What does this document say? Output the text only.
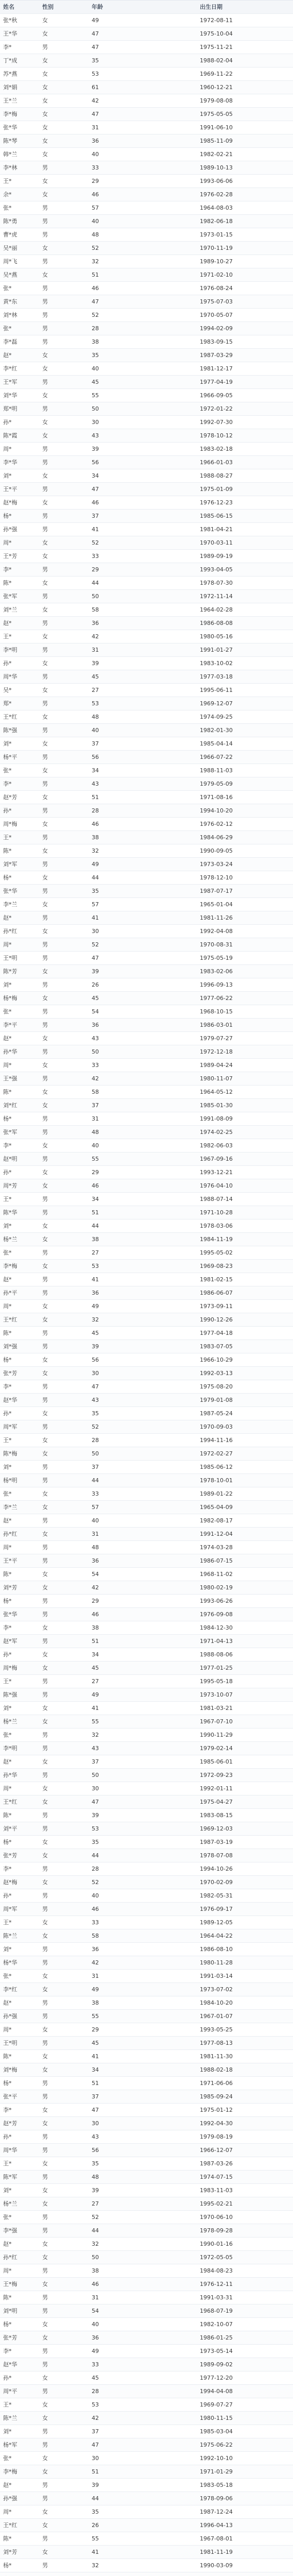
姓名	性别	年龄	出生日期
张*秋	女	49	1972-08-11
王*华	女	47	1975-10-04
李*	男	47	1975-11-21
丁*成	女	35	1988-02-04
苏*燕	女	53	1969-11-22
刘*娟	女	61	1960-12-21
王*兰	女	42	1979-08-08
李*梅	女	47	1975-05-05
张*华	女	31	1991-06-10
陈*琴	女	36	1985-11-09
韩*兰	女	40	1982-02-21
李*林	男	33	1989-10-13
王*	女	29	1993-06-06
余*	女	46	1976-02-28
张*	男	57	1964-08-03
陈*勇	男	40	1982-06-18
曹*虎	男	48	1973-01-15
吴*丽	女	52	1970-11-19
周*飞	男	32	1989-10-27
吴*燕	女	51	1971-02-10
张*	男	46	1976-08-24
黄*东	男	47	1975-07-03
刘*林	男	52	1970-05-07
张*	男	28	1994-02-09
李*磊	男	38	1983-09-15
赵*	女	35	1987-03-29
李*红	女	40	1981-12-17
王*军	男	45	1977-04-19
刘*华	女	55	1966-09-05
郑*明	男	50	1972-01-22
孙*	女	30	1992-07-30
陈*霞	女	43	1978-10-12
周*	男	39	1983-02-18
李*华	男	56	1966-01-03
刘*	女	34	1988-08-27
王*平	男	47	1975-01-09
赵*梅	女	46	1976-12-23
杨*	男	37	1985-06-15
孙*强	男	41	1981-04-21
周*	女	52	1970-03-11
王*芳	女	33	1989-09-19
李*	男	29	1993-04-05
陈*	女	44	1978-07-30
张*军	男	50	1972-11-14
刘*兰	女	58	1964-02-28
赵*	男	36	1986-08-08
王*	女	42	1980-05-16
李*明	男	31	1991-01-27
孙*	女	39	1983-10-02
周*华	男	45	1977-03-18
吴*	女	27	1995-06-11
郑*	男	53	1969-12-07
王*红	女	48	1974-09-25
陈*强	男	40	1982-01-30
刘*	女	37	1985-04-14
杨*平	男	56	1966-07-22
张*	女	34	1988-11-03
李*	男	43	1979-05-09
赵*芳	女	51	1971-08-16
孙*	男	28	1994-10-20
周*梅	女	46	1976-02-12
王*	男	38	1984-06-29
陈*	女	32	1990-09-05
刘*军	男	49	1973-03-24
杨*	女	44	1978-12-10
张*华	男	35	1987-07-17
李*兰	女	57	1965-01-04
赵*	男	41	1981-11-26
孙*红	女	30	1992-04-08
周*	男	52	1970-08-31
王*明	男	47	1975-05-19
陈*芳	女	39	1983-02-06
刘*	男	26	1996-09-13
杨*梅	女	45	1977-06-22
张*	男	54	1968-10-15
李*平	男	36	1986-03-01
赵*	女	43	1979-07-27
孙*华	男	50	1972-12-18
周*	女	33	1989-04-24
王*强	男	42	1980-11-07
陈*	女	58	1964-05-12
刘*红	女	37	1985-01-30
杨*	男	31	1991-08-09
张*军	男	48	1974-02-25
李*	女	40	1982-06-03
赵*明	男	55	1967-09-16
孙*	女	29	1993-12-21
周*芳	女	46	1976-04-10
王*	男	34	1988-07-14
陈*华	男	51	1971-10-28
刘*	女	44	1978-03-06
杨*兰	女	38	1984-11-19
张*	男	27	1995-05-02
李*梅	女	53	1969-08-23
赵*	男	41	1981-02-15
孙*平	男	36	1986-06-07
周*	女	49	1973-09-11
王*红	女	32	1990-12-26
陈*	男	45	1977-04-18
刘*强	男	39	1983-07-05
杨*	女	56	1966-10-29
张*芳	女	30	1992-03-13
李*	男	47	1975-08-20
赵*华	男	43	1979-01-08
孙*	女	35	1987-05-24
周*军	男	52	1970-09-03
王*	女	28	1994-11-16
陈*梅	女	50	1972-02-27
刘*	男	37	1985-06-12
杨*明	男	44	1978-10-01
张*	女	33	1989-01-22
李*兰	女	57	1965-04-09
赵*	男	40	1982-08-17
孙*红	女	31	1991-12-04
周*	男	48	1974-03-28
王*平	男	36	1986-07-15
陈*	女	54	1968-11-02
刘*芳	女	42	1980-02-19
杨*	男	29	1993-06-26
张*华	男	46	1976-09-08
李*	女	38	1984-12-30
赵*军	男	51	1971-04-13
孙*	女	34	1988-08-06
周*梅	女	45	1977-01-25
王*	男	27	1995-05-18
陈*强	男	49	1973-10-07
刘*	女	41	1981-03-21
杨*兰	女	55	1967-07-10
张*	男	32	1990-11-29
李*明	男	43	1979-02-14
赵*	女	37	1985-06-01
孙*华	男	50	1972-09-23
周*	女	30	1992-01-11
王*红	女	47	1975-04-27
陈*	男	39	1983-08-15
刘*平	男	53	1969-12-03
杨*	女	35	1987-03-19
张*芳	女	44	1978-07-08
李*	男	28	1994-10-26
赵*梅	女	52	1970-02-09
孙*	男	40	1982-05-31
周*军	男	46	1976-09-17
王*	女	33	1989-12-05
陈*兰	女	58	1964-04-22
刘*	男	36	1986-08-10
杨*华	男	42	1980-11-28
张*	女	31	1991-03-14
李*红	女	49	1973-07-02
赵*	男	38	1984-10-20
孙*强	男	55	1967-01-07
周*	女	29	1993-05-25
王*明	男	45	1977-08-13
陈*	女	41	1981-11-30
刘*梅	女	34	1988-02-18
杨*	男	51	1971-06-06
张*平	男	37	1985-09-24
李*	女	47	1975-01-12
赵*芳	女	30	1992-04-30
孙*	男	43	1979-08-19
周*华	男	56	1966-12-07
王*	女	35	1987-03-26
陈*军	男	48	1974-07-15
刘*	女	39	1983-11-03
杨*兰	女	27	1995-02-21
张*	男	52	1970-06-10
李*强	男	44	1978-09-28
赵*	女	32	1990-01-16
孙*红	女	50	1972-05-05
周*	男	38	1984-08-23
王*梅	女	46	1976-12-11
陈*	男	31	1991-03-31
刘*明	男	54	1968-07-19
杨*	女	40	1982-10-07
张*芳	女	36	1986-01-25
李*	男	49	1973-05-14
赵*华	男	33	1989-09-02
孙*	女	45	1977-12-20
周*平	男	28	1994-04-08
王*	女	53	1969-07-27
陈*兰	女	42	1980-11-15
刘*	男	37	1985-03-04
杨*军	男	47	1975-06-22
张*	女	30	1992-10-10
李*梅	女	51	1971-01-29
赵*	男	39	1983-05-18
孙*强	男	44	1978-09-06
周*	女	35	1987-12-24
王*红	女	26	1996-04-13
陈*	男	55	1967-08-01
刘*芳	女	41	1981-11-19
杨*	男	32	1990-03-09
